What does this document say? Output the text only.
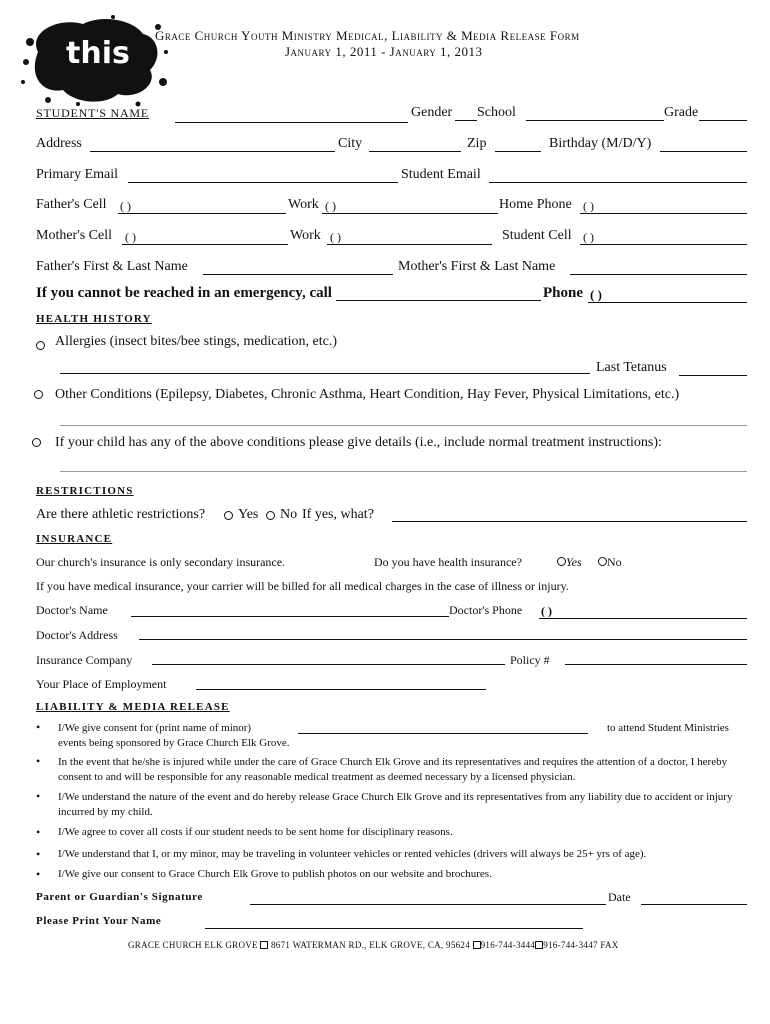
this
Grace Church Youth Ministry Medical, Liability & Media Release Form
January 1, 2011 - January 1, 2013
STUDENT'S NAME	Gender School	Grade
Address	City	Zip	Birthday (M/D/Y)
Primary Email	Student Email
Father's Cell ( )	Work ( )	Home Phone ( )
Mother's Cell ( )	Work ( )	Student Cell ( )
Father's First & Last Name	Mother's First & Last Name
If you cannot be reached in an emergency, call	Phone ( )
HEALTH HISTORY
Allergies (insect bites/bee stings, medication, etc.)
Last Tetanus
Other Conditions (Epilepsy, Diabetes, Chronic Asthma, Heart Condition, Hay Fever, Physical Limitations, etc.)
If your child has any of the above conditions please give details (i.e., include normal treatment instructions):
RESTRICTIONS
Are there athletic restrictions? Yes No If yes, what?
INSURANCE
Our church's insurance is only secondary insurance.	Do you have health insurance?	Yes No
If you have medical insurance, your carrier will be billed for all medical charges in the case of illness or injury.
Doctor's Name	Doctor's Phone ( )
Doctor's Address
Insurance Company	Policy #
Your Place of Employment
LIABILITY & MEDIA RELEASE
• I/We give consent for (print name of minor)	to attend Student Ministries
events being sponsored by Grace Church Elk Grove.
• In the event that he/she is injured while under the care of Grace Church Elk Grove and its representatives and requires the attention of a doctor, I hereby consent to and will be responsible for any reasonable medical treatment as deemed necessary by a licensed physician.
• I/We understand the nature of the event and do hereby release Grace Church Elk Grove and its representatives from any liability due to accident or injury incurred by my child.
• I/We agree to cover all costs if our student needs to be sent home for disciplinary reasons.
• I/We understand that I, or my minor, may be traveling in volunteer vehicles or rented vehicles (drivers will always be 25+ yrs of age).
• I/We give our consent to Grace Church Elk Grove to publish photos on our website and brochures.
Parent or Guardian's Signature	Date
Please Print Your Name
GRACE CHURCH ELK GROVE 8671 WATERMAN RD., ELK GROVE, CA, 95624 916-744-3444 916-744-3447 FAX
